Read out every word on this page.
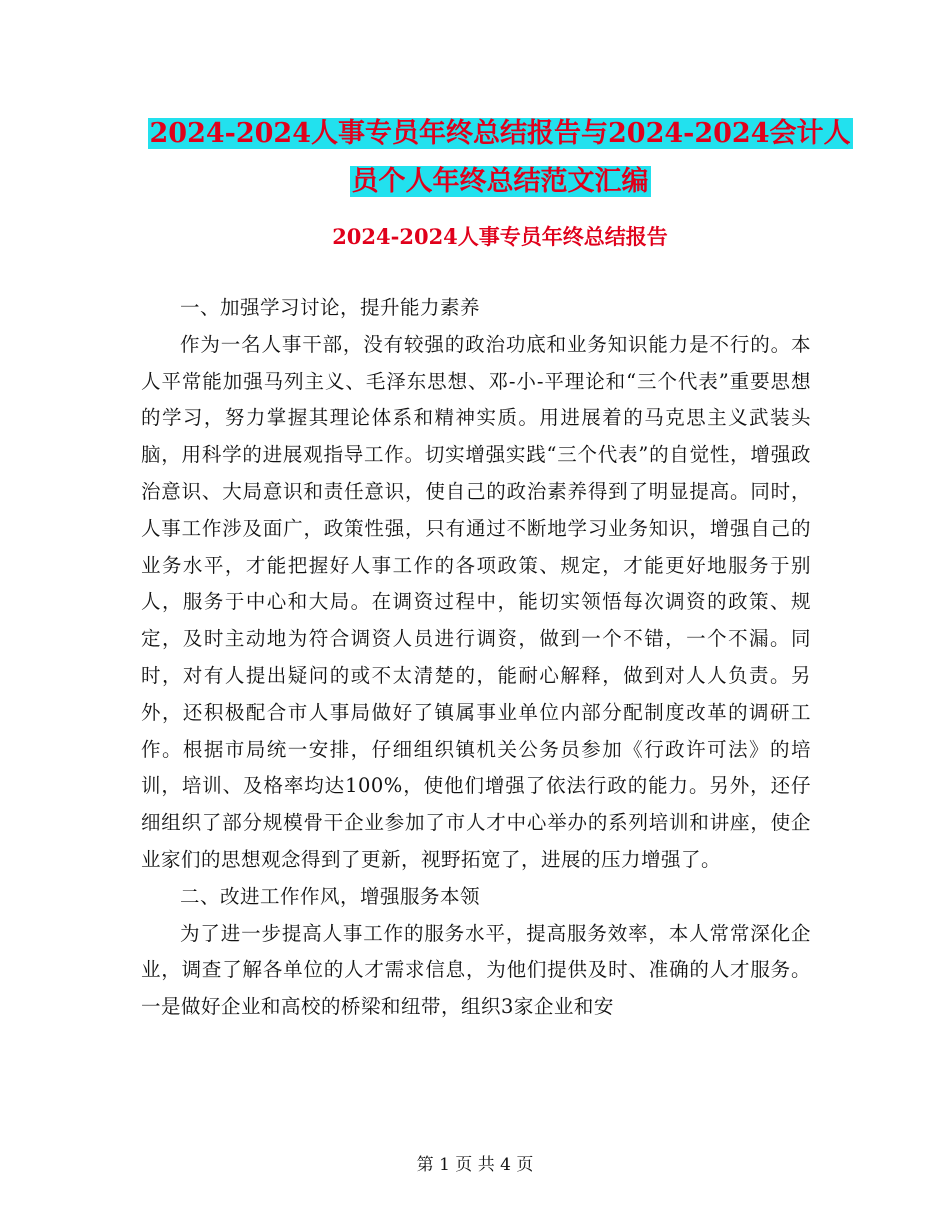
2024-2024人事专员年终总结报告与2024-2024会计人
员个人年终总结范文汇编
2024-2024人事专员年终总结报告

一、加强学习讨论，提升能力素养

作为一名人事干部，没有较强的政治功底和业务知识能力是不行的。本人平常能加强马列主义、毛泽东思想、邓-小-平理论和“三个代表”重要思想的学习，努力掌握其理论体系和精神实质。用进展着的马克思主义武装头脑，用科学的进展观指导工作。切实增强实践“三个代表”的自觉性，增强政治意识、大局意识和责任意识，使自己的政治素养得到了明显提高。同时，人事工作涉及面广，政策性强，只有通过不断地学习业务知识，增强自己的业务水平，才能把握好人事工作的各项政策、规定，才能更好地服务于别人，服务于中心和大局。在调资过程中，能切实领悟每次调资的政策、规定，及时主动地为符合调资人员进行调资，做到一个不错，一个不漏。同时，对有人提出疑问的或不太清楚的，能耐心解释，做到对人人负责。另外，还积极配合市人事局做好了镇属事业单位内部分配制度改革的调研工作。根据市局统一安排，仔细组织镇机关公务员参加《行政许可法》的培训，培训、及格率均达100%，使他们增强了依法行政的能力。另外，还仔细组织了部分规模骨干企业参加了市人才中心举办的系列培训和讲座，使企业家们的思想观念得到了更新，视野拓宽了，进展的压力增强了。

二、改进工作作风，增强服务本领

为了进一步提高人事工作的服务水平，提高服务效率，本人常常深化企业，调查了解各单位的人才需求信息，为他们提供及时、准确的人才服务。一是做好企业和高校的桥梁和纽带，组织3家企业和安

第 1 页 共 4 页
